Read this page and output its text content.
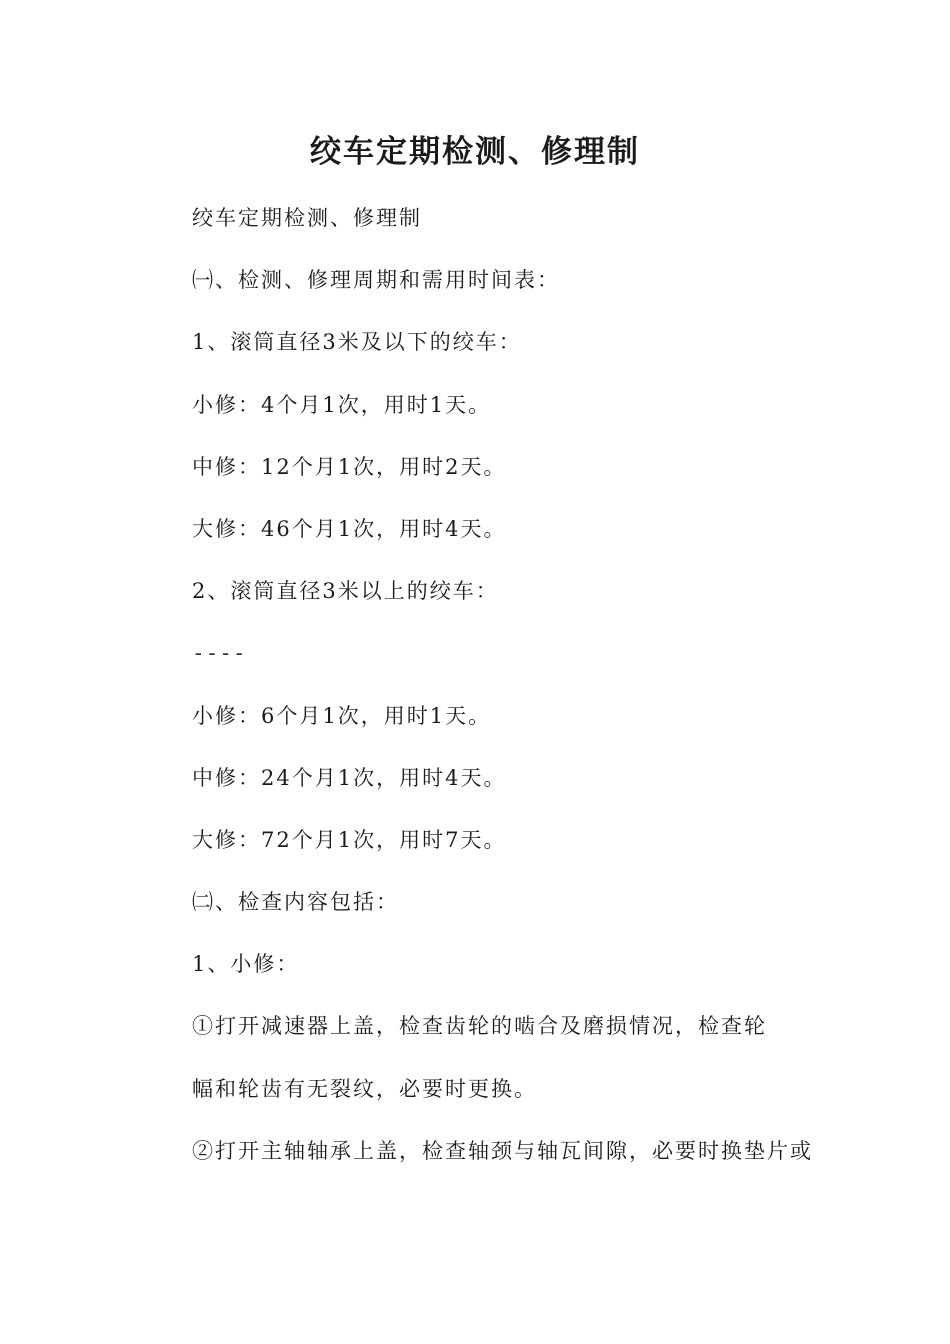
绞车定期检测、修理制

绞车定期检测、修理制

㈠、检测、修理周期和需用时间表：

1、滚筒直径3米及以下的绞车：

小修：4个月1次，用时1天。

中修：12个月1次，用时2天。

大修：46个月1次，用时4天。

2、滚筒直径3米以上的绞车：

----

小修：6个月1次，用时1天。

中修：24个月1次，用时4天。

大修：72个月1次，用时7天。

㈡、检查内容包括：

1、小修：

①打开减速器上盖，检查齿轮的啮合及磨损情况，检查轮

幅和轮齿有无裂纹，必要时更换。

②打开主轴轴承上盖，检查轴颈与轴瓦间隙，必要时换垫片或
